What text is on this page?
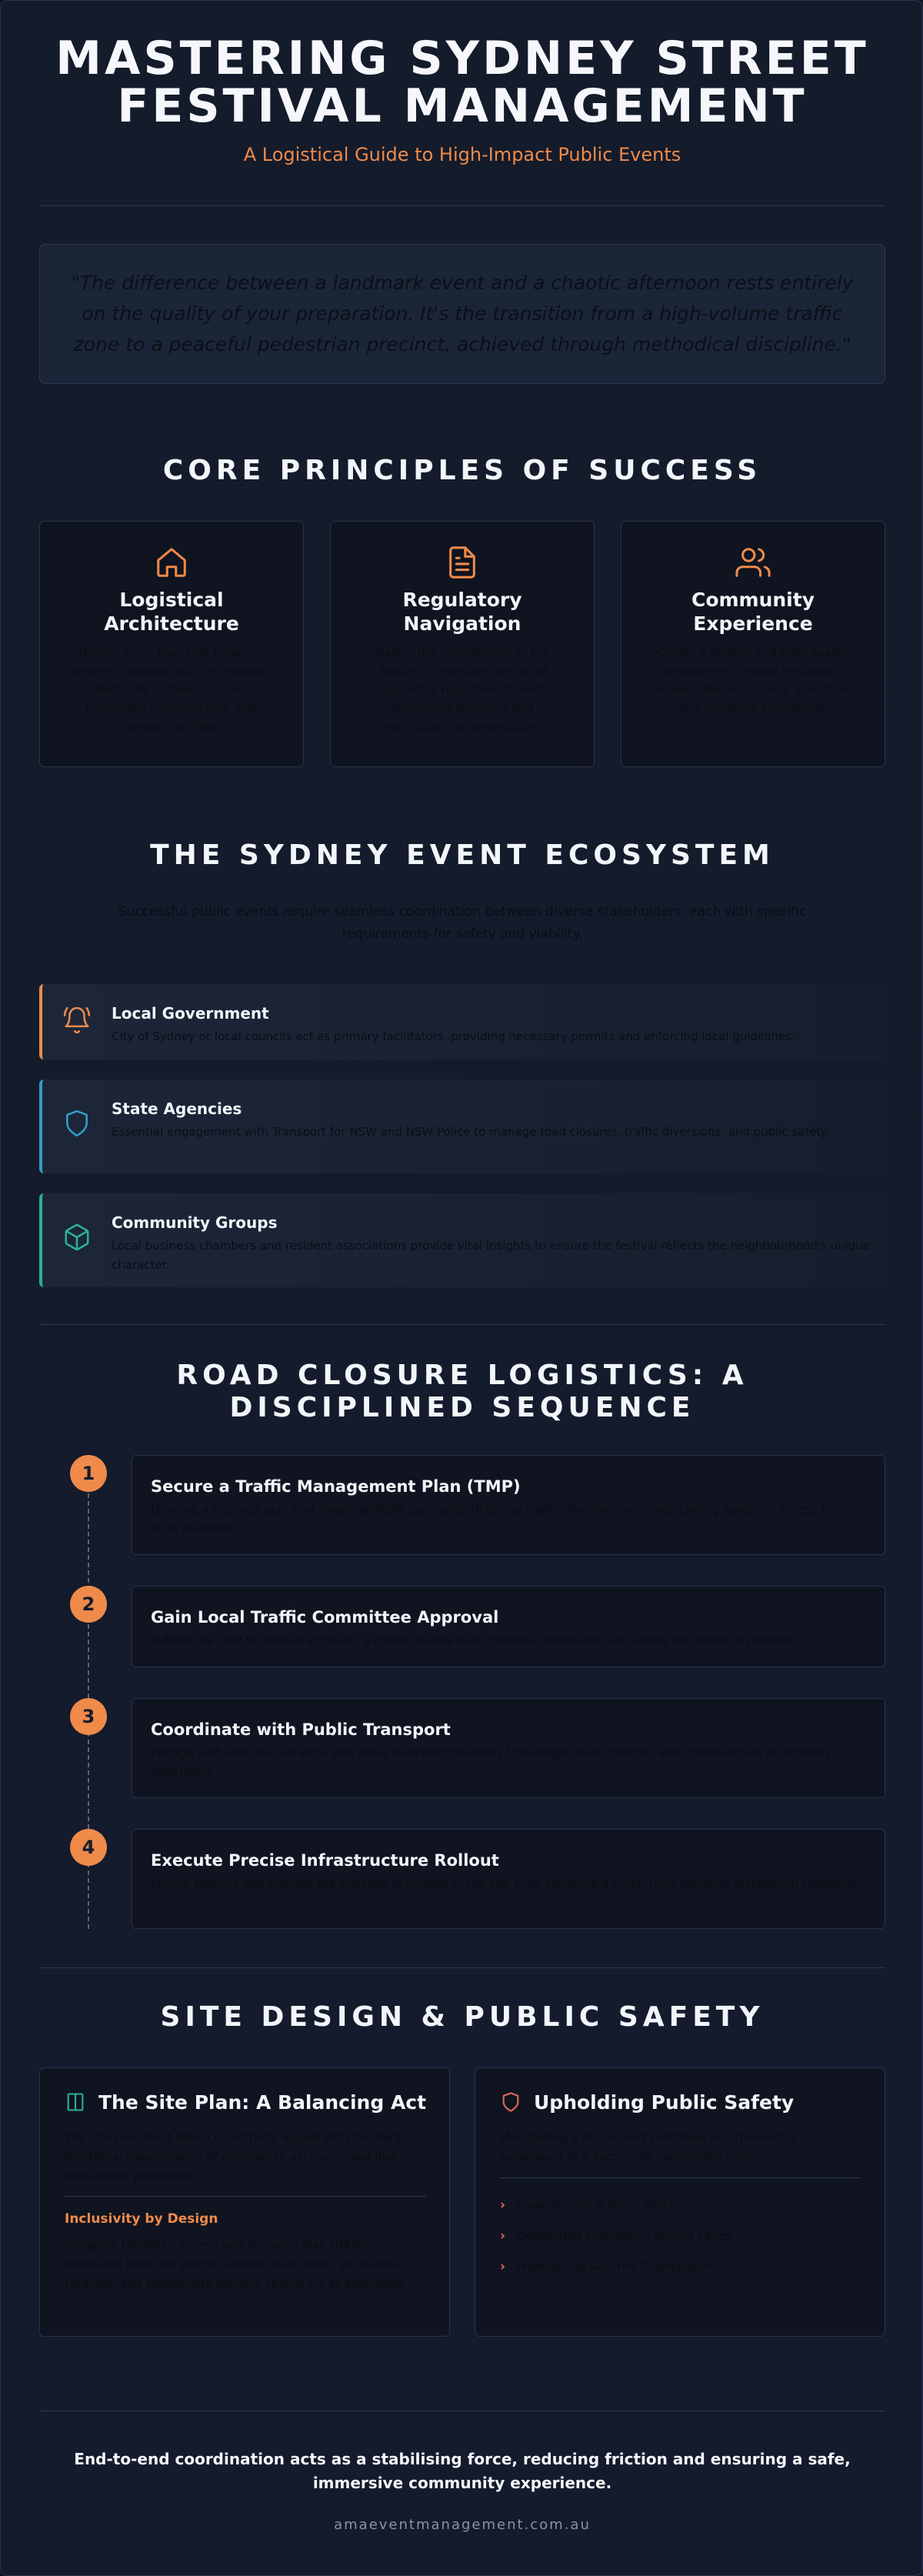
MASTERING SYDNEY STREET FESTIVAL MANAGEMENT
A Logistical Guide to High-Impact Public Events
"The difference between a landmark event and a chaotic afternoon rests entirely on the quality of your preparation. It's the transition from a high-volume traffic zone to a peaceful pedestrian precinct, achieved through methodical discipline."
CORE PRINCIPLES OF SUCCESS
Logistical Architecture
Design a site plan that balances aesthetic appeal with the rigorous demands of road closures, temporary infrastructure, and pedestrian flow.
Regulatory Navigation
Master the complexities of the 'Notice of Intention' and NSW regulatory requirements with structured authority and meticulous documentation.
Community Experience
Create a diverse and high-quality atmosphere through methodical vendor selection, space allocation, and engaging activations.
THE SYDNEY EVENT ECOSYSTEM
Successful public events require seamless coordination between diverse stakeholders, each with specific requirements for safety and viability.
Local Government
City of Sydney or local councils act as primary facilitators, providing necessary permits and enforcing local guidelines.
State Agencies
Essential engagement with Transport for NSW and NSW Police to manage road closures, traffic diversions, and public safety.
Community Groups
Local business chambers and resident associations provide vital insights to ensure the festival reflects the neighbourhood's unique character.
ROAD CLOSURE LOGISTICS: A DISCIPLINED SEQUENCE
1
Secure a Traffic Management Plan (TMP)
Develop a rigorous plan that meets all NSW standards, detailing traffic diversions and maintaining essential access for local residents.
2
Gain Local Traffic Committee Approval
Submit the TMP for formal approval, a critical hurdle that confirms compliance and allows the event to proceed.
3
Coordinate with Public Transport
Engage with local bus services and other transport providers to manage route changes and communicate disruptions effectively.
4
Execute Precise Infrastructure Rollout
Ensure barriers and signage are installed according to the site plan, following a strict, time-sensitive installation sequence.
SITE DESIGN & PUBLIC SAFETY
The Site Plan: A Balancing Act
The site plan must balance aesthetic appeal with the hard functional requirements of emergency access, crowd flow, and vendor placement.
Inclusivity by Design
Integrate Disability Access and Inclusion Plan (DAIP) standards from the start to ensure clear paths, accessible facilities, and appropriate sensory spaces for all attendees.
Upholding Public Safety
Maintaining a secure and controlled environment is paramount to a successful community event.
› Clear Alcohol & Glass Policies
› Designated Emergency Access Lanes
› Professional Security Coordination
End-to-end coordination acts as a stabilising force, reducing friction and ensuring a safe, immersive community experience.
amaeventmanagement.com.au
